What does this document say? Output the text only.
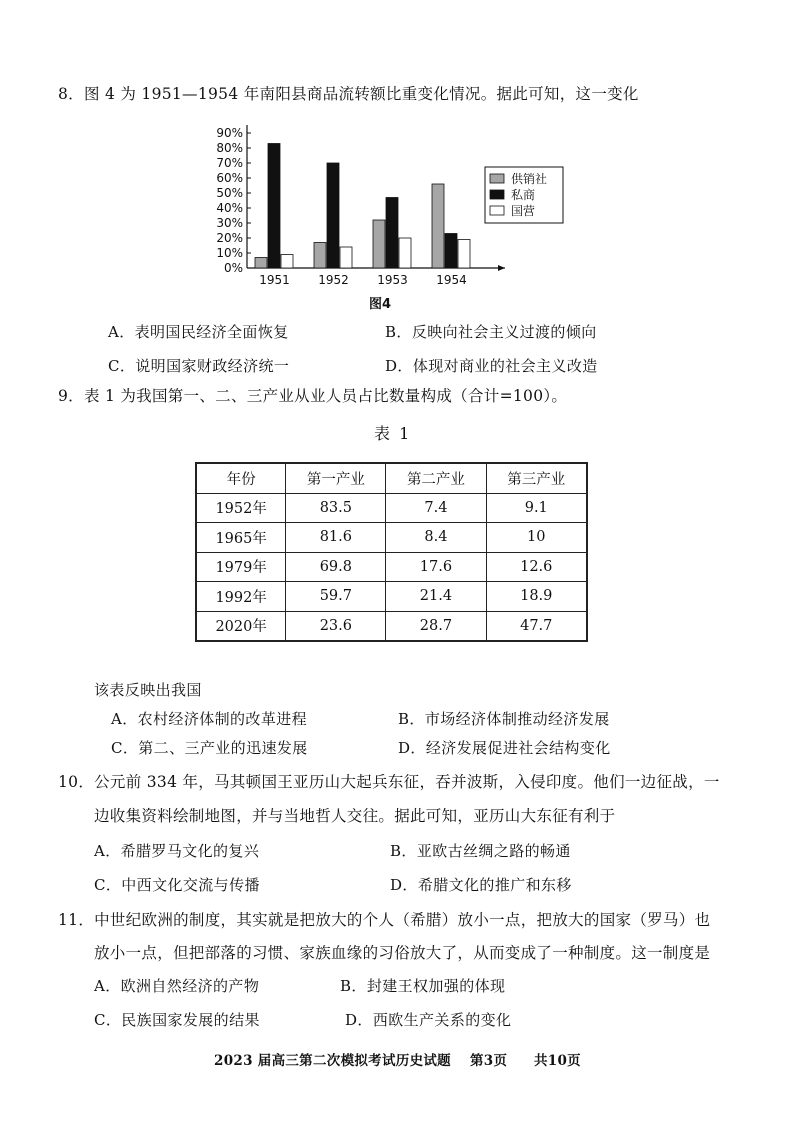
8．图 4 为 1951—1954 年南阳县商品流转额比重变化情况。据此可知，这一变化
0%
10%
20%
30%
40%
50%
60%
70%
80%
90%
1951 1952 1953 1954
供销社
私商
国营
图4
A．表明国民经济全面恢复	B．反映向社会主义过渡的倾向
C．说明国家财政经济统一	D．体现对商业的社会主义改造
9．表 1 为我国第一、二、三产业从业人员占比数量构成（合计=100）。
表 1
年份	第一产业	第二产业	第三产业
1952年	83.5	7.4	9.1
1965年	81.6	8.4	10
1979年	69.8	17.6	12.6
1992年	59.7	21.4	18.9
2020年	23.6	28.7	47.7
该表反映出我国
A．农村经济体制的改革进程	B．市场经济体制推动经济发展
C．第二、三产业的迅速发展	D．经济发展促进社会结构变化
10．公元前 334 年，马其顿国王亚历山大起兵东征，吞并波斯，入侵印度。他们一边征战，一
边收集资料绘制地图，并与当地哲人交往。据此可知，亚历山大东征有利于
A．希腊罗马文化的复兴	B．亚欧古丝绸之路的畅通
C．中西文化交流与传播	D．希腊文化的推广和东移
11．中世纪欧洲的制度，其实就是把放大的个人（希腊）放小一点，把放大的国家（罗马）也
放小一点，但把部落的习惯、家族血缘的习俗放大了，从而变成了一种制度。这一制度是
A．欧洲自然经济的产物	B．封建王权加强的体现
C．民族国家发展的结果	D．西欧生产关系的变化
2023 届高三第二次模拟考试历史试题 第3页 共10页
